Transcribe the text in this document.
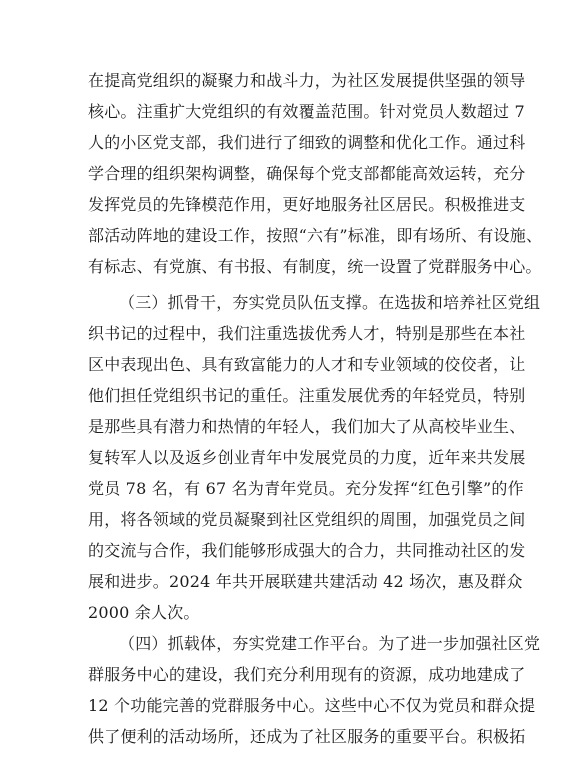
在提高党组织的凝聚力和战斗力，为社区发展提供坚强的领导
核心。注重扩大党组织的有效覆盖范围。针对党员人数超过 7
人的小区党支部，我们进行了细致的调整和优化工作。通过科
学合理的组织架构调整，确保每个党支部都能高效运转，充分
发挥党员的先锋模范作用，更好地服务社区居民。积极推进支
部活动阵地的建设工作，按照“六有”标准，即有场所、有设施、
有标志、有党旗、有书报、有制度，统一设置了党群服务中心。
（三）抓骨干，夯实党员队伍支撑。在选拔和培养社区党组
织书记的过程中，我们注重选拔优秀人才，特别是那些在本社
区中表现出色、具有致富能力的人才和专业领域的佼佼者，让
他们担任党组织书记的重任。注重发展优秀的年轻党员，特别
是那些具有潜力和热情的年轻人，我们加大了从高校毕业生、
复转军人以及返乡创业青年中发展党员的力度，近年来共发展
党员 78 名，有 67 名为青年党员。充分发挥“红色引擎”的作
用，将各领域的党员凝聚到社区党组织的周围，加强党员之间
的交流与合作，我们能够形成强大的合力，共同推动社区的发
展和进步。2024 年共开展联建共建活动 42 场次，惠及群众
2000 余人次。
（四）抓载体，夯实党建工作平台。为了进一步加强社区党
群服务中心的建设，我们充分利用现有的资源，成功地建成了
12 个功能完善的党群服务中心。这些中心不仅为党员和群众提
供了便利的活动场所，还成为了社区服务的重要平台。积极拓
